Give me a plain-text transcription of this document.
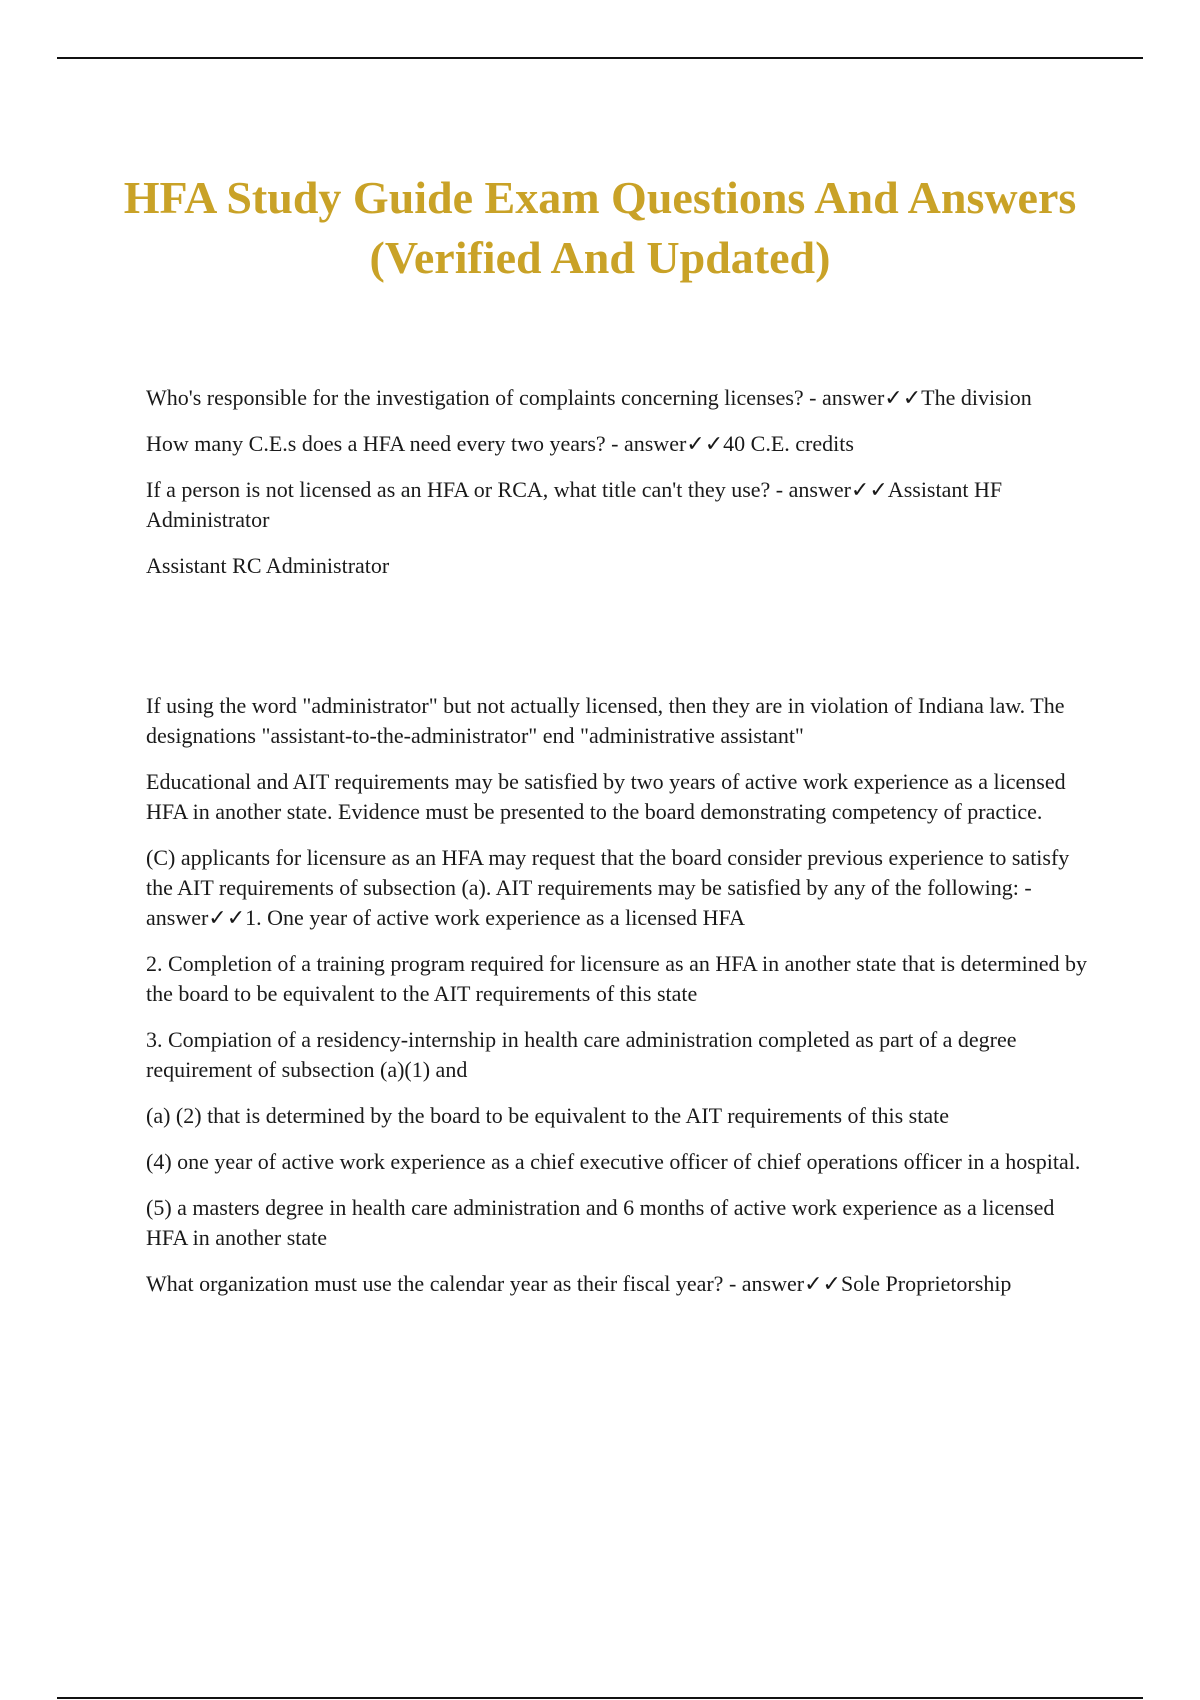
HFA Study Guide Exam Questions And Answers (Verified And Updated)

Who's responsible for the investigation of complaints concerning licenses? - answer✓✓The division

How many C.E.s does a HFA need every two years? - answer✓✓40 C.E. credits

If a person is not licensed as an HFA or RCA, what title can't they use? - answer✓✓Assistant HF Administrator

Assistant RC Administrator

If using the word "administrator" but not actually licensed, then they are in violation of Indiana law. The designations "assistant-to-the-administrator" end "administrative assistant"

Educational and AIT requirements may be satisfied by two years of active work experience as a licensed HFA in another state. Evidence must be presented to the board demonstrating competency of practice.

(C) applicants for licensure as an HFA may request that the board consider previous experience to satisfy the AIT requirements of subsection (a). AIT requirements may be satisfied by any of the following: - answer✓✓1. One year of active work experience as a licensed HFA

2. Completion of a training program required for licensure as an HFA in another state that is determined by the board to be equivalent to the AIT requirements of this state

3. Compiation of a residency-internship in health care administration completed as part of a degree requirement of subsection (a)(1) and

(a) (2) that is determined by the board to be equivalent to the AIT requirements of this state

(4) one year of active work experience as a chief executive officer of chief operations officer in a hospital.

(5) a masters degree in health care administration and 6 months of active work experience as a licensed HFA in another state

What organization must use the calendar year as their fiscal year? - answer✓✓Sole Proprietorship
